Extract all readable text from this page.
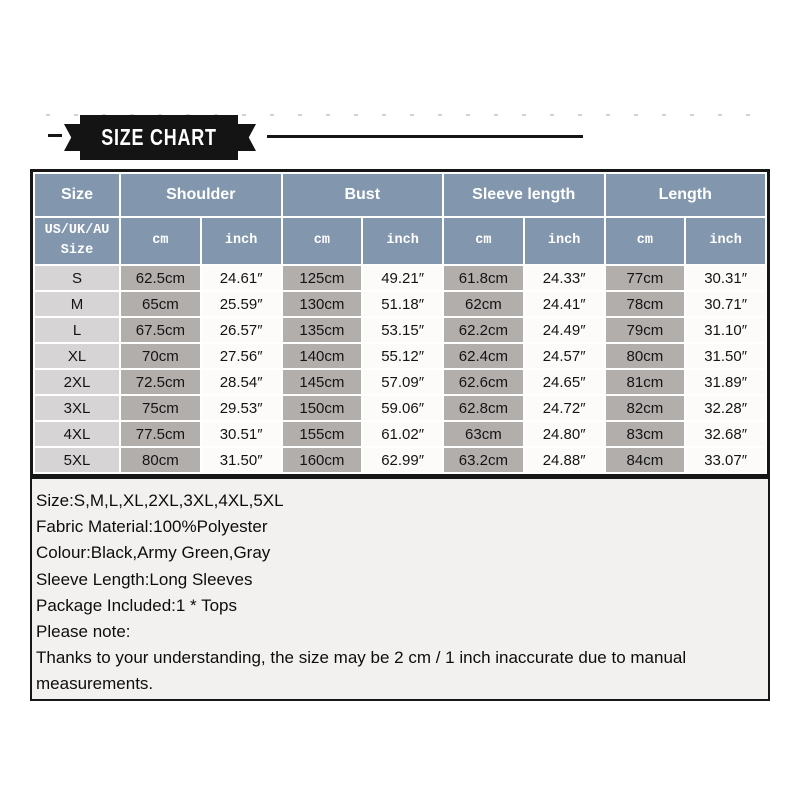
SIZE CHART
Size	Shoulder		Bust		Sleeve length		Length	
US/UK/AU
Size	cm	inch	cm	inch	cm	inch	cm	inch
S	62.5cm	24.61″	125cm	49.21″	61.8cm	24.33″	77cm	30.31″
M	65cm	25.59″	130cm	51.18″	62cm	24.41″	78cm	30.71″
L	67.5cm	26.57″	135cm	53.15″	62.2cm	24.49″	79cm	31.10″
XL	70cm	27.56″	140cm	55.12″	62.4cm	24.57″	80cm	31.50″
2XL	72.5cm	28.54″	145cm	57.09″	62.6cm	24.65″	81cm	31.89″
3XL	75cm	29.53″	150cm	59.06″	62.8cm	24.72″	82cm	32.28″
4XL	77.5cm	30.51″	155cm	61.02″	63cm	24.80″	83cm	32.68″
5XL	80cm	31.50″	160cm	62.99″	63.2cm	24.88″	84cm	33.07″
Size:S,M,L,XL,2XL,3XL,4XL,5XL
Fabric Material:100%Polyester
Colour:Black,Army Green,Gray
Sleeve Length:Long Sleeves
Package Included:1 * Tops
Please note:
Thanks to your understanding, the size may be 2 cm / 1 inch inaccurate due to manual measurements.
